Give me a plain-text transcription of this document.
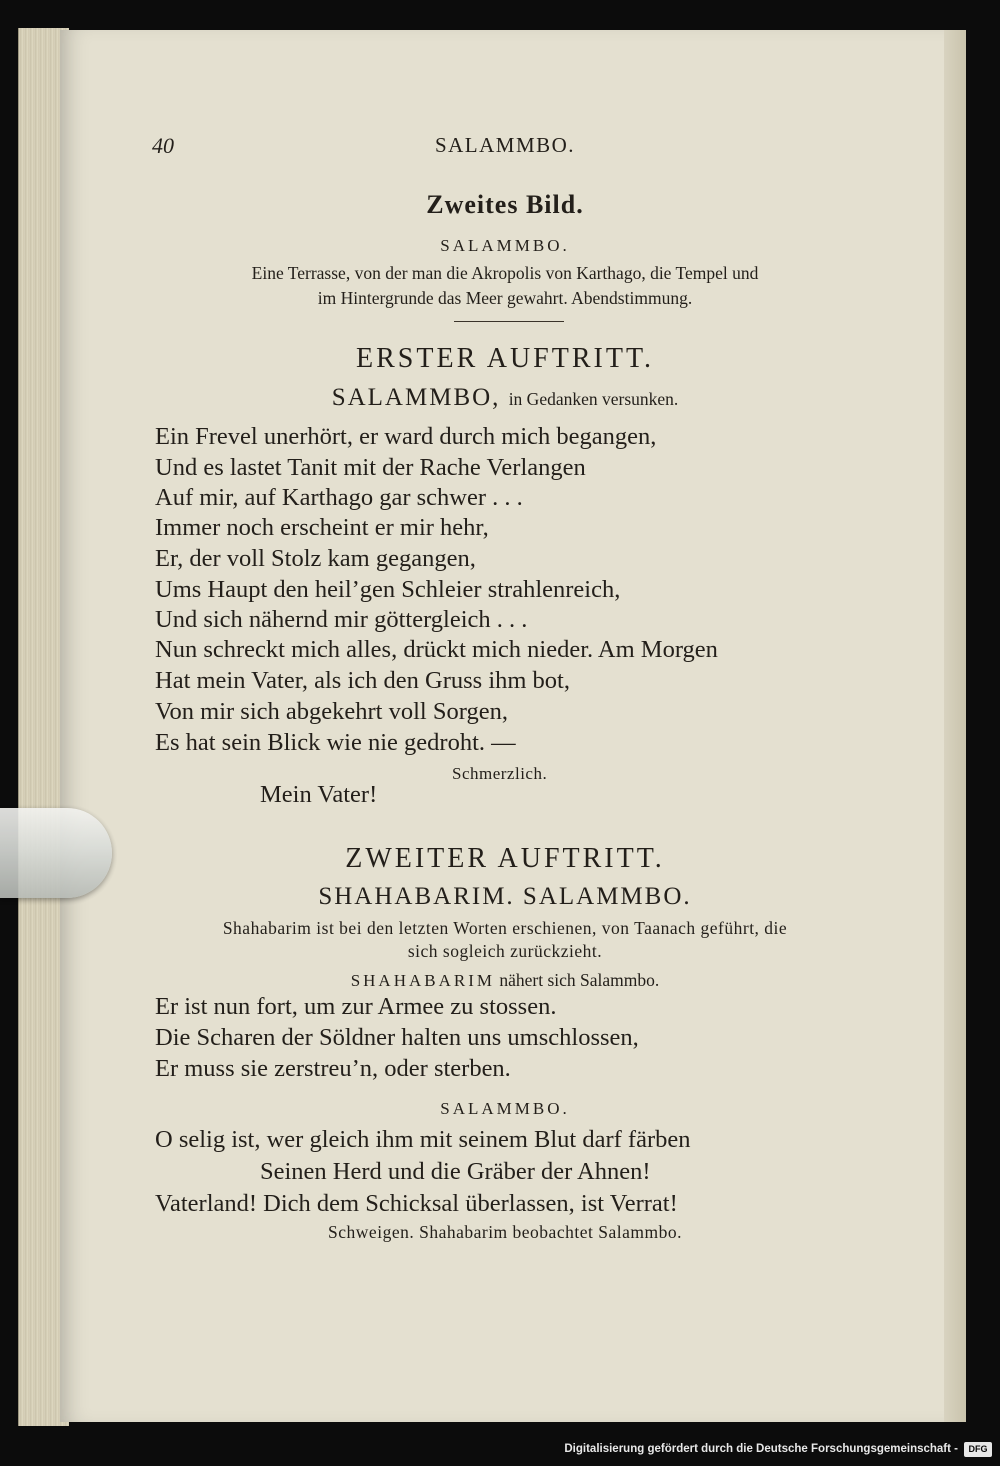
40	SALAMMBO.
Zweites Bild.
SALAMMBO.
Eine Terrasse, von der man die Akropolis von Karthago, die Tempel und
im Hintergrunde das Meer gewahrt. Abendstimmung.
ERSTER AUFTRITT.
SALAMMBO, in Gedanken versunken.
Ein Frevel unerhört, er ward durch mich begangen,
Und es lastet Tanit mit der Rache Verlangen
Auf mir, auf Karthago gar schwer . . .
Immer noch erscheint er mir hehr,
Er, der voll Stolz kam gegangen,
Ums Haupt den heil’gen Schleier strahlenreich,
Und sich nähernd mir göttergleich . . .
Nun schreckt mich alles, drückt mich nieder. Am Morgen
Hat mein Vater, als ich den Gruss ihm bot,
Von mir sich abgekehrt voll Sorgen,
Es hat sein Blick wie nie gedroht. —
Schmerzlich.
Mein Vater!
ZWEITER AUFTRITT.
SHAHABARIM. SALAMMBO.
Shahabarim ist bei den letzten Worten erschienen, von Taanach geführt, die
sich sogleich zurückzieht.
SHAHABARIM nähert sich Salammbo.
Er ist nun fort, um zur Armee zu stossen.
Die Scharen der Söldner halten uns umschlossen,
Er muss sie zerstreu’n, oder sterben.
SALAMMBO.
O selig ist, wer gleich ihm mit seinem Blut darf färben
Seinen Herd und die Gräber der Ahnen!
Vaterland! Dich dem Schicksal überlassen, ist Verrat!
Schweigen. Shahabarim beobachtet Salammbo.
Digitalisierung gefördert durch die Deutsche Forschungsgemeinschaft -	DFG
